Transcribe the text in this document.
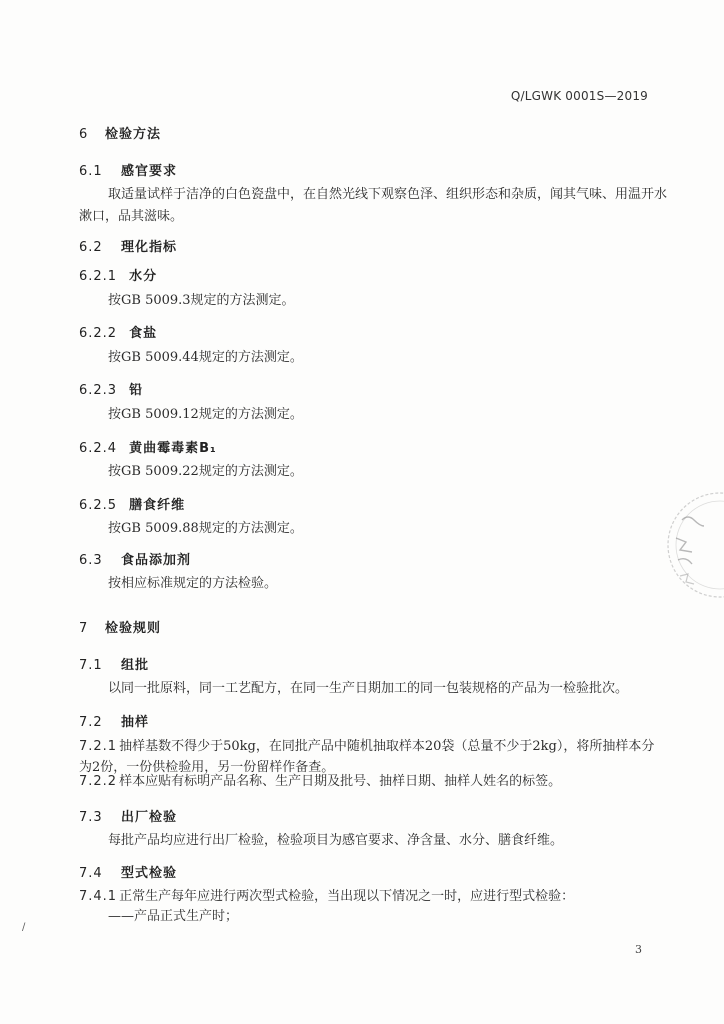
Q/LGWK 0001S—2019
6 检验方法
6.1 感官要求
取适量试样于洁净的白色瓷盘中，在自然光线下观察色泽、组织形态和杂质，闻其气味、用温开水
漱口，品其滋味。
6.2 理化指标
6.2.1 水分
按GB 5009.3规定的方法测定。
6.2.2 食盐
按GB 5009.44规定的方法测定。
6.2.3 铅
按GB 5009.12规定的方法测定。
6.2.4 黄曲霉毒素B₁
按GB 5009.22规定的方法测定。
6.2.5 膳食纤维
按GB 5009.88规定的方法测定。
6.3 食品添加剂
按相应标准规定的方法检验。
7 检验规则
7.1 组批
以同一批原料，同一工艺配方，在同一生产日期加工的同一包装规格的产品为一检验批次。
7.2 抽样
7.2.1 抽样基数不得少于50kg，在同批产品中随机抽取样本20袋（总量不少于2kg），将所抽样本分
为2份，一份供检验用，另一份留样作备查。
7.2.2 样本应贴有标明产品名称、生产日期及批号、抽样日期、抽样人姓名的标签。
7.3 出厂检验
每批产品均应进行出厂检验，检验项目为感官要求、净含量、水分、膳食纤维。
7.4 型式检验
7.4.1 正常生产每年应进行两次型式检验，当出现以下情况之一时，应进行型式检验：
——产品正式生产时；
/
3
